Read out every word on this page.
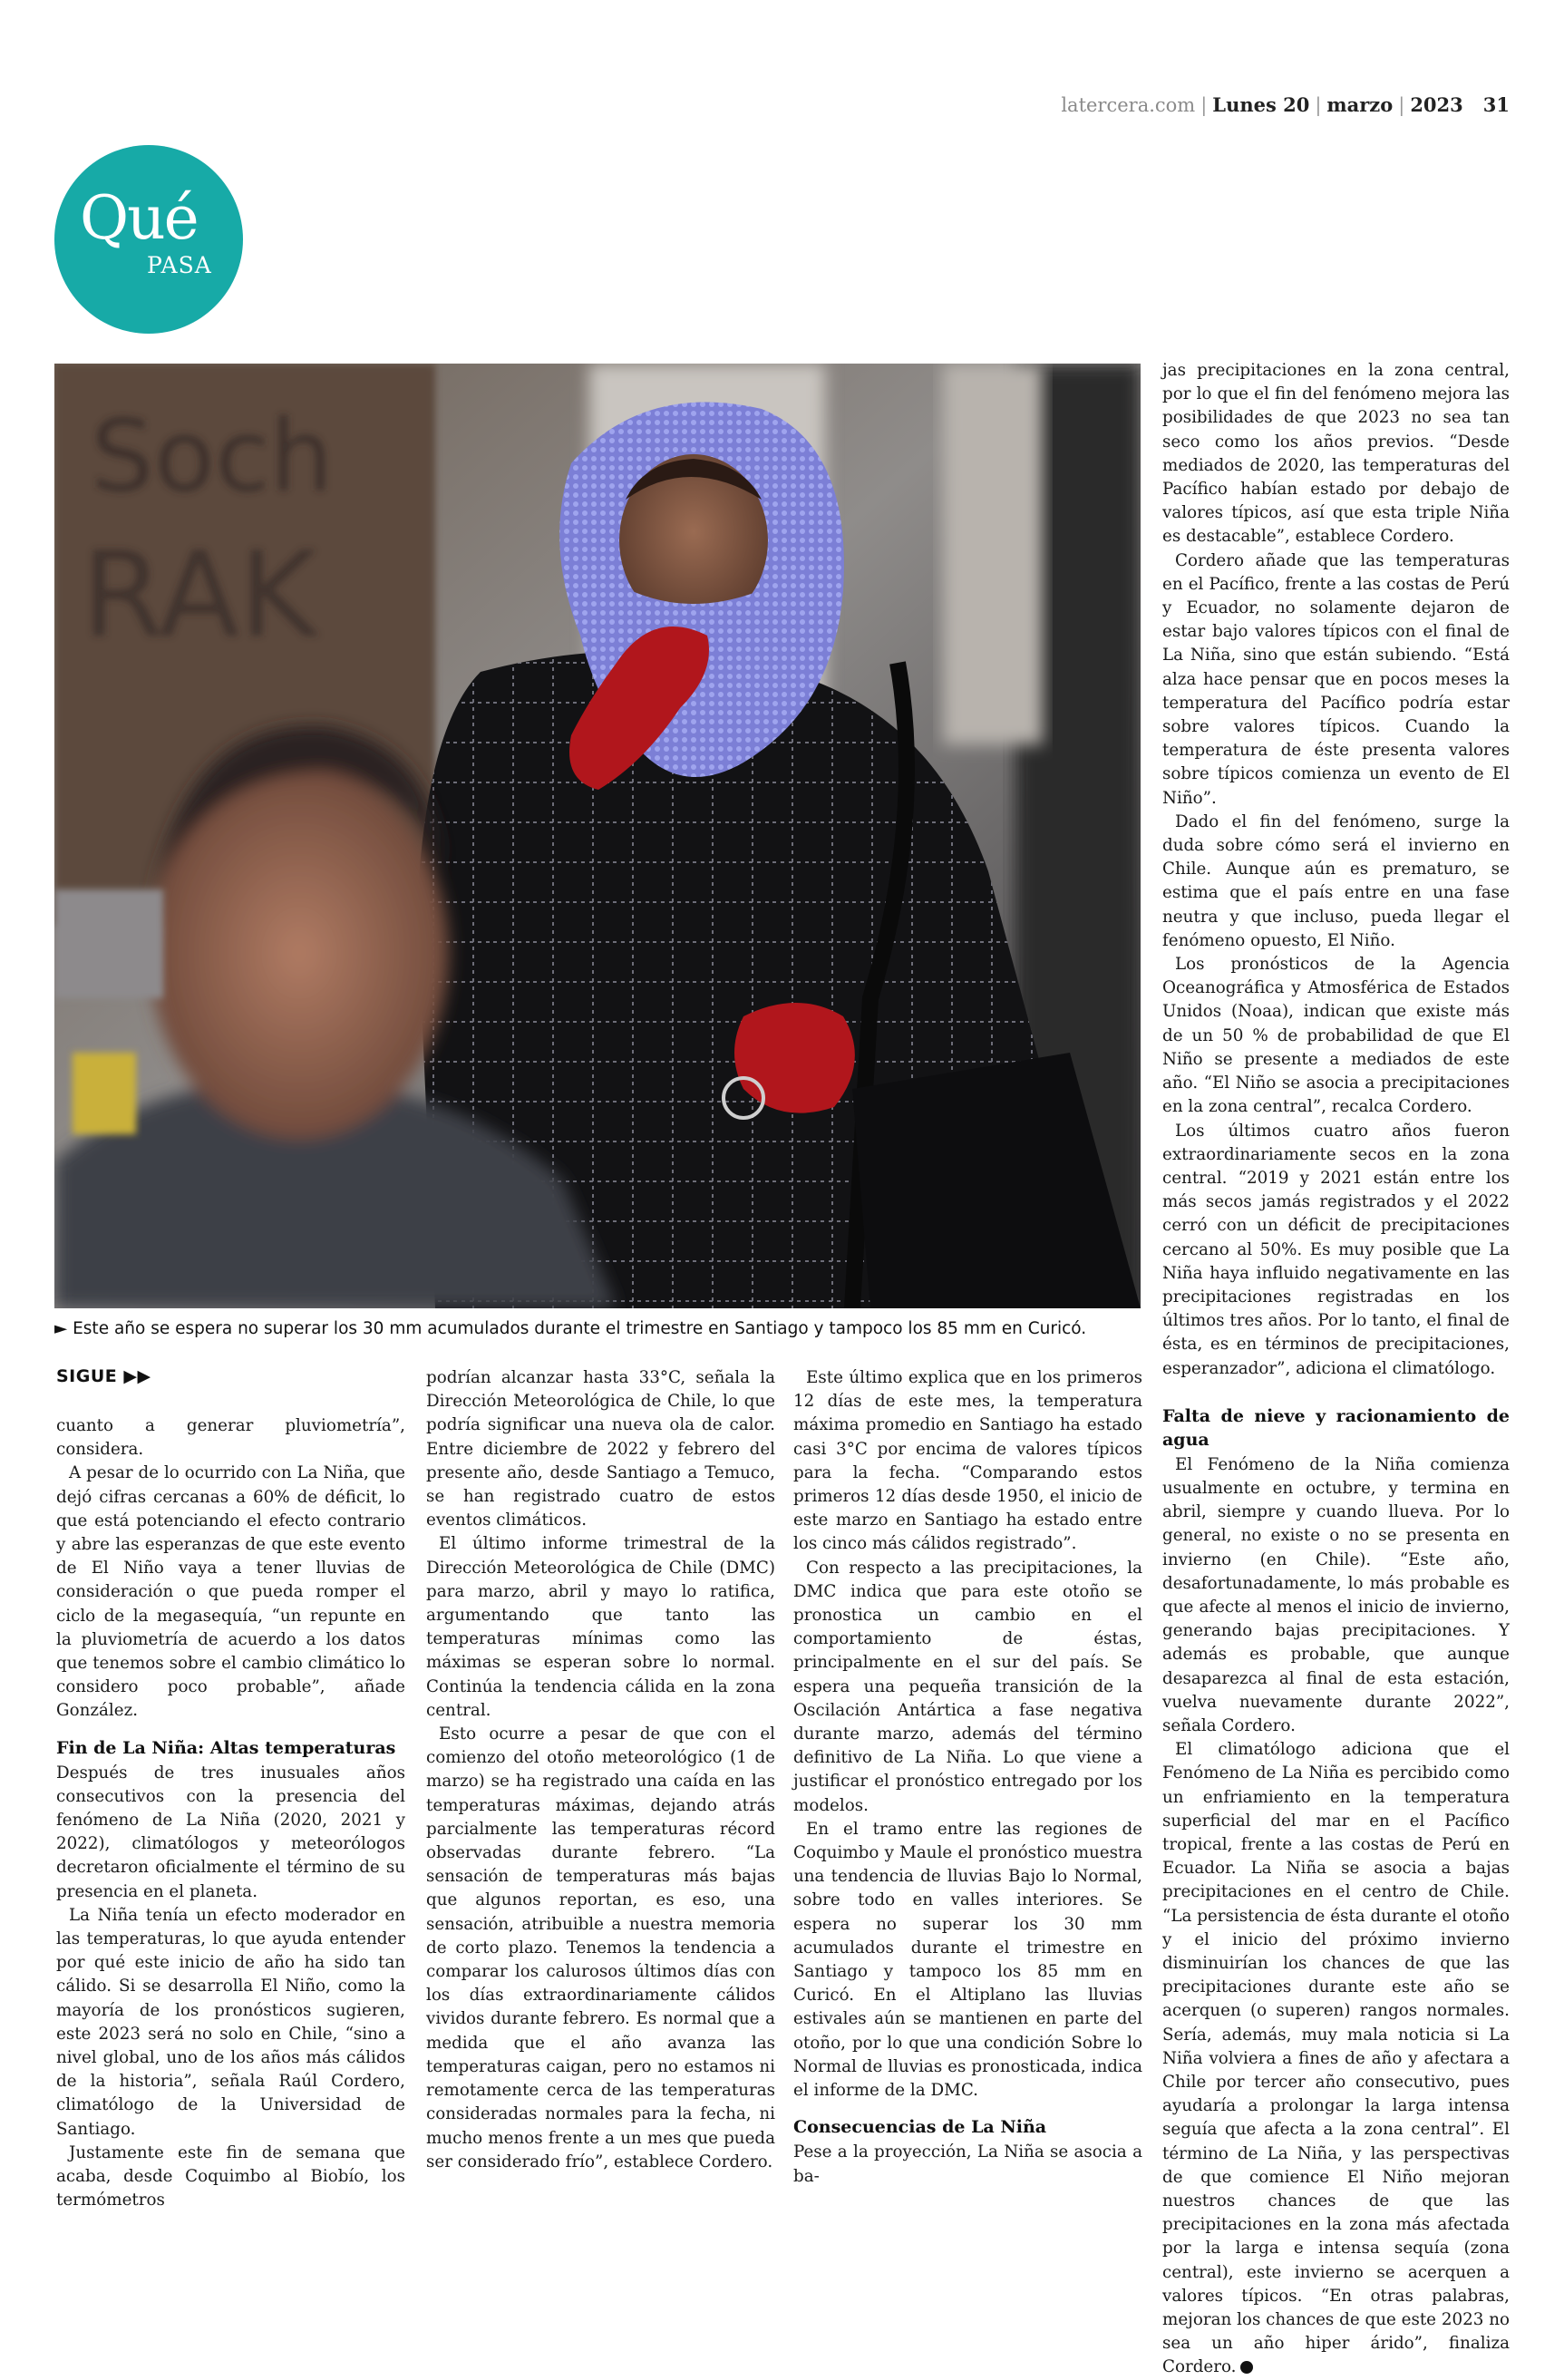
latercera.com | Lunes 20 | marzo | 2023 31
Qué
PASA
Soch
RAK
► Este año se espera no superar los 30 mm acumulados durante el trimestre en Santiago y tampoco los 85 mm en Curicó.
SIGUE ▶▶

cuanto a generar pluviometría”, considera.

A pesar de lo ocurrido con La Niña, que dejó cifras cercanas a 60% de déficit, lo que está potenciando el efecto contrario y abre las esperanzas de que este evento de El Niño vaya a tener lluvias de consideración o que pueda romper el ciclo de la megasequía, “un repunte en la pluviometría de acuerdo a los datos que tenemos sobre el cambio climático lo considero poco probable”, añade González.

Fin de La Niña: Altas temperaturas

Después de tres inusuales años consecutivos con la presencia del fenómeno de La Niña (2020, 2021 y 2022), climatólogos y meteorólogos decretaron oficialmente el término de su presencia en el planeta.

La Niña tenía un efecto moderador en las temperaturas, lo que ayuda entender por qué este inicio de año ha sido tan cálido. Si se desarrolla El Niño, como la mayoría de los pronósticos sugieren, este 2023 será no solo en Chile, “sino a nivel global, uno de los años más cálidos de la historia”, señala Raúl Cordero, climatólogo de la Universidad de Santiago.

Justamente este fin de semana que acaba, desde Coquimbo al Biobío, los termómetros

podrían alcanzar hasta 33°C, señala la Dirección Meteorológica de Chile, lo que podría significar una nueva ola de calor. Entre diciembre de 2022 y febrero del presente año, desde Santiago a Temuco, se han registrado cuatro de estos eventos climáticos.

El último informe trimestral de la Dirección Meteorológica de Chile (DMC) para marzo, abril y mayo lo ratifica, argumentando que tanto las temperaturas mínimas como las máximas se esperan sobre lo normal. Continúa la tendencia cálida en la zona central.

Esto ocurre a pesar de que con el comienzo del otoño meteorológico (1 de marzo) se ha registrado una caída en las temperaturas máximas, dejando atrás parcialmente las temperaturas récord observadas durante febrero. “La sensación de temperaturas más bajas que algunos reportan, es eso, una sensación, atribuible a nuestra memoria de corto plazo. Tenemos la tendencia a comparar los calurosos últimos días con los días extraordinariamente cálidos vividos durante febrero. Es normal que a medida que el año avanza las temperaturas caigan, pero no estamos ni remotamente cerca de las temperaturas consideradas normales para la fecha, ni mucho menos frente a un mes que pueda ser considerado frío”, establece Cordero.

Este último explica que en los primeros 12 días de este mes, la temperatura máxima promedio en Santiago ha estado casi 3°C por encima de valores típicos para la fecha. “Comparando estos primeros 12 días desde 1950, el inicio de este marzo en Santiago ha estado entre los cinco más cálidos registrado”.

Con respecto a las precipitaciones, la DMC indica que para este otoño se pronostica un cambio en el comportamiento de éstas, principalmente en el sur del país. Se espera una pequeña transición de la Oscilación Antártica a fase negativa durante marzo, además del término definitivo de La Niña. Lo que viene a justificar el pronóstico entregado por los modelos.

En el tramo entre las regiones de Coquimbo y Maule el pronóstico muestra una tendencia de lluvias Bajo lo Normal, sobre todo en valles interiores. Se espera no superar los 30 mm acumulados durante el trimestre en Santiago y tampoco los 85 mm en Curicó. En el Altiplano las lluvias estivales aún se mantienen en parte del otoño, por lo que una condición Sobre lo Normal de lluvias es pronosticada, indica el informe de la DMC.

Consecuencias de La Niña

Pese a la proyección, La Niña se asocia a ba-

jas precipitaciones en la zona central, por lo que el fin del fenómeno mejora las posibilidades de que 2023 no sea tan seco como los años previos. “Desde mediados de 2020, las temperaturas del Pacífico habían estado por debajo de valores típicos, así que esta triple Niña es destacable”, establece Cordero.

Cordero añade que las temperaturas en el Pacífico, frente a las costas de Perú y Ecuador, no solamente dejaron de estar bajo valores típicos con el final de La Niña, sino que están subiendo. “Está alza hace pensar que en pocos meses la temperatura del Pacífico podría estar sobre valores típicos. Cuando la temperatura de éste presenta valores sobre típicos comienza un evento de El Niño”.

Dado el fin del fenómeno, surge la duda sobre cómo será el invierno en Chile. Aunque aún es prematuro, se estima que el país entre en una fase neutra y que incluso, pueda llegar el fenómeno opuesto, El Niño.

Los pronósticos de la Agencia Oceanográfica y Atmosférica de Estados Unidos (Noaa), indican que existe más de un 50 % de probabilidad de que El Niño se presente a mediados de este año. “El Niño se asocia a precipitaciones en la zona central”, recalca Cordero.

Los últimos cuatro años fueron extraordinariamente secos en la zona central. “2019 y 2021 están entre los más secos jamás registrados y el 2022 cerró con un déficit de precipitaciones cercano al 50%. Es muy posible que La Niña haya influido negativamente en las precipitaciones registradas en los últimos tres años. Por lo tanto, el final de ésta, es en términos de precipitaciones, esperanzador”, adiciona el climatólogo.

Falta de nieve y racionamiento de agua

El Fenómeno de la Niña comienza usualmente en octubre, y termina en abril, siempre y cuando llueva. Por lo general, no existe o no se presenta en invierno (en Chile). “Este año, desafortunadamente, lo más probable es que afecte al menos el inicio de invierno, generando bajas precipitaciones. Y además es probable, que aunque desaparezca al final de esta estación, vuelva nuevamente durante 2022”, señala Cordero.

El climatólogo adiciona que el Fenómeno de La Niña es percibido como un enfriamiento en la temperatura superficial del mar en el Pacífico tropical, frente a las costas de Perú en Ecuador. La Niña se asocia a bajas precipitaciones en el centro de Chile. “La persistencia de ésta durante el otoño y el inicio del próximo invierno disminuirían los chances de que las precipitaciones durante este año se acerquen (o superen) rangos normales. Sería, además, muy mala noticia si La Niña volviera a fines de año y afectara a Chile por tercer año consecutivo, pues ayudaría a prolongar la larga intensa seguía que afecta a la zona central”. El término de La Niña, y las perspectivas de que comience El Niño mejoran nuestros chances de que las precipitaciones en la zona más afectada por la larga e intensa sequía (zona central), este invierno se acerquen a valores típicos. “En otras palabras, mejoran los chances de que este 2023 no sea un año hiper árido”, finaliza Cordero.
